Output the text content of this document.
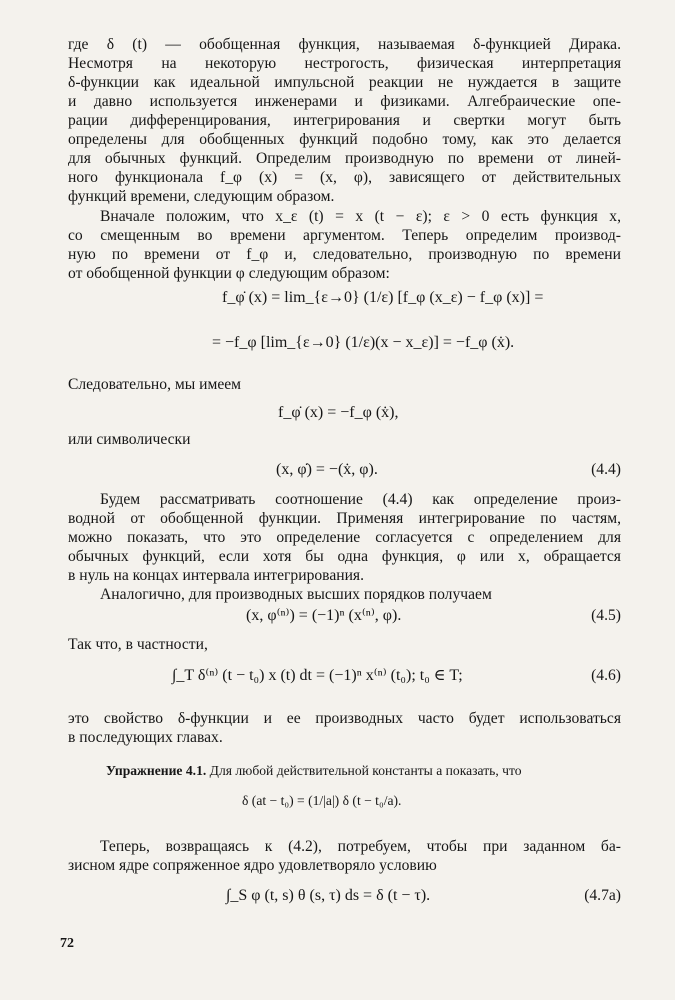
где δ (t) — обобщенная функция, называемая δ-функцией Дирака.
Несмотря на некоторую нестрогость, физическая интерпретация
δ-функции как идеальной импульсной реакции не нуждается в защите
и давно используется инженерами и физиками. Алгебраические опе-
рации дифференцирования, интегрирования и свертки могут быть
определены для обобщенных функций подобно тому, как это делается
для обычных функций. Определим производную по времени от линей-
ного функционала f_φ (x) = (x, φ), зависящего от действительных
функций времени, следующим образом.
Вначале положим, что x_ε (t) = x (t − ε); ε > 0 есть функция x,
со смещенным во времени аргументом. Теперь определим производ-
ную по времени от f_φ и, следовательно, производную по времени
от обобщенной функции φ следующим образом:
f_φ̇ (x) = lim_{ε→0} (1/ε) [f_φ (x_ε) − f_φ (x)] =
= −f_φ [lim_{ε→0} (1/ε)(x − x_ε)] = −f_φ (ẋ).
Следовательно, мы имеем
f_φ̇ (x) = −f_φ (ẋ),
или символически
(x, φ̇) = −(ẋ, φ).	(4.4)
Будем рассматривать соотношение (4.4) как определение произ-
водной от обобщенной функции. Применяя интегрирование по частям,
можно показать, что это определение согласуется с определением для
обычных функций, если хотя бы одна функция, φ или x, обращается
в нуль на концах интервала интегрирования.
Аналогично, для производных высших порядков получаем
(x, φ⁽ⁿ⁾) = (−1)ⁿ (x⁽ⁿ⁾, φ).	(4.5)
Так что, в частности,
∫_T δ⁽ⁿ⁾ (t − t₀) x (t) dt = (−1)ⁿ x⁽ⁿ⁾ (t₀); t₀ ∈ T;	(4.6)
это свойство δ-функции и ее производных часто будет использоваться
в последующих главах.
Упражнение 4.1. Для любой действительной константы a показать, что
δ (at − t₀) = (1/|a|) δ (t − t₀/a).
Теперь, возвращаясь к (4.2), потребуем, чтобы при заданном ба-
зисном ядре сопряженное ядро удовлетворяло условию
∫_S φ (t, s) θ (s, τ) ds = δ (t − τ).	(4.7a)
72
